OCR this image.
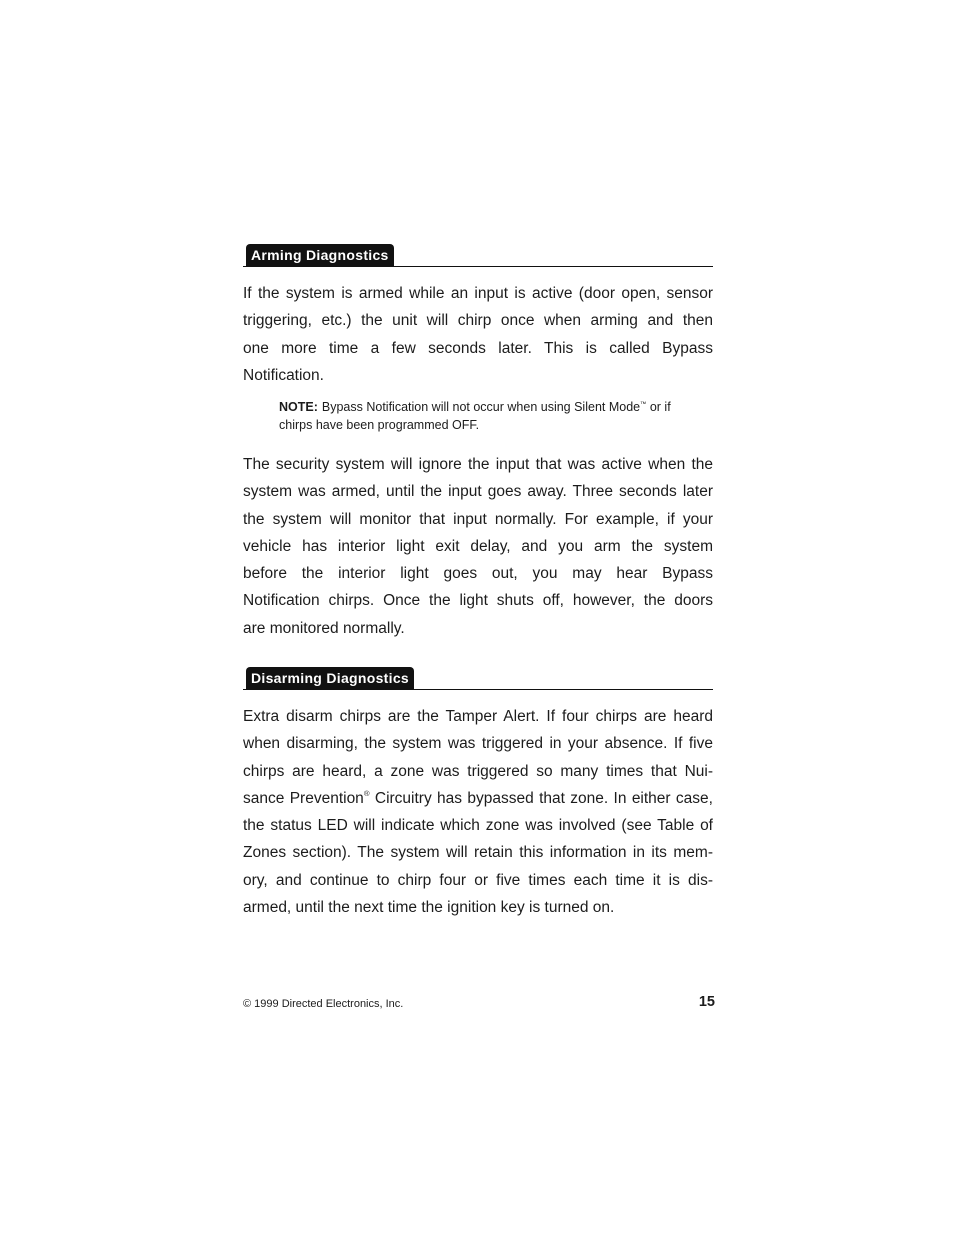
Arming Diagnostics
If the system is armed while an input is active (door open, sensor
triggering, etc.) the unit will chirp once when arming and then
one more time a few seconds later. This is called Bypass
Notification.
NOTE: Bypass Notification will not occur when using Silent Mode™ or if
chirps have been programmed OFF.
The security system will ignore the input that was active when the
system was armed, until the input goes away. Three seconds later
the system will monitor that input normally. For example, if your
vehicle has interior light exit delay, and you arm the system
before the interior light goes out, you may hear Bypass
Notification chirps. Once the light shuts off, however, the doors
are monitored normally.
Disarming Diagnostics
Extra disarm chirps are the Tamper Alert. If four chirps are heard
when disarming, the system was triggered in your absence. If five
chirps are heard, a zone was triggered so many times that Nui-
sance Prevention® Circuitry has bypassed that zone. In either case,
the status LED will indicate which zone was involved (see Table of
Zones section). The system will retain this information in its mem-
ory, and continue to chirp four or five times each time it is dis-
armed, until the next time the ignition key is turned on.
© 1999 Directed Electronics, Inc.	15
